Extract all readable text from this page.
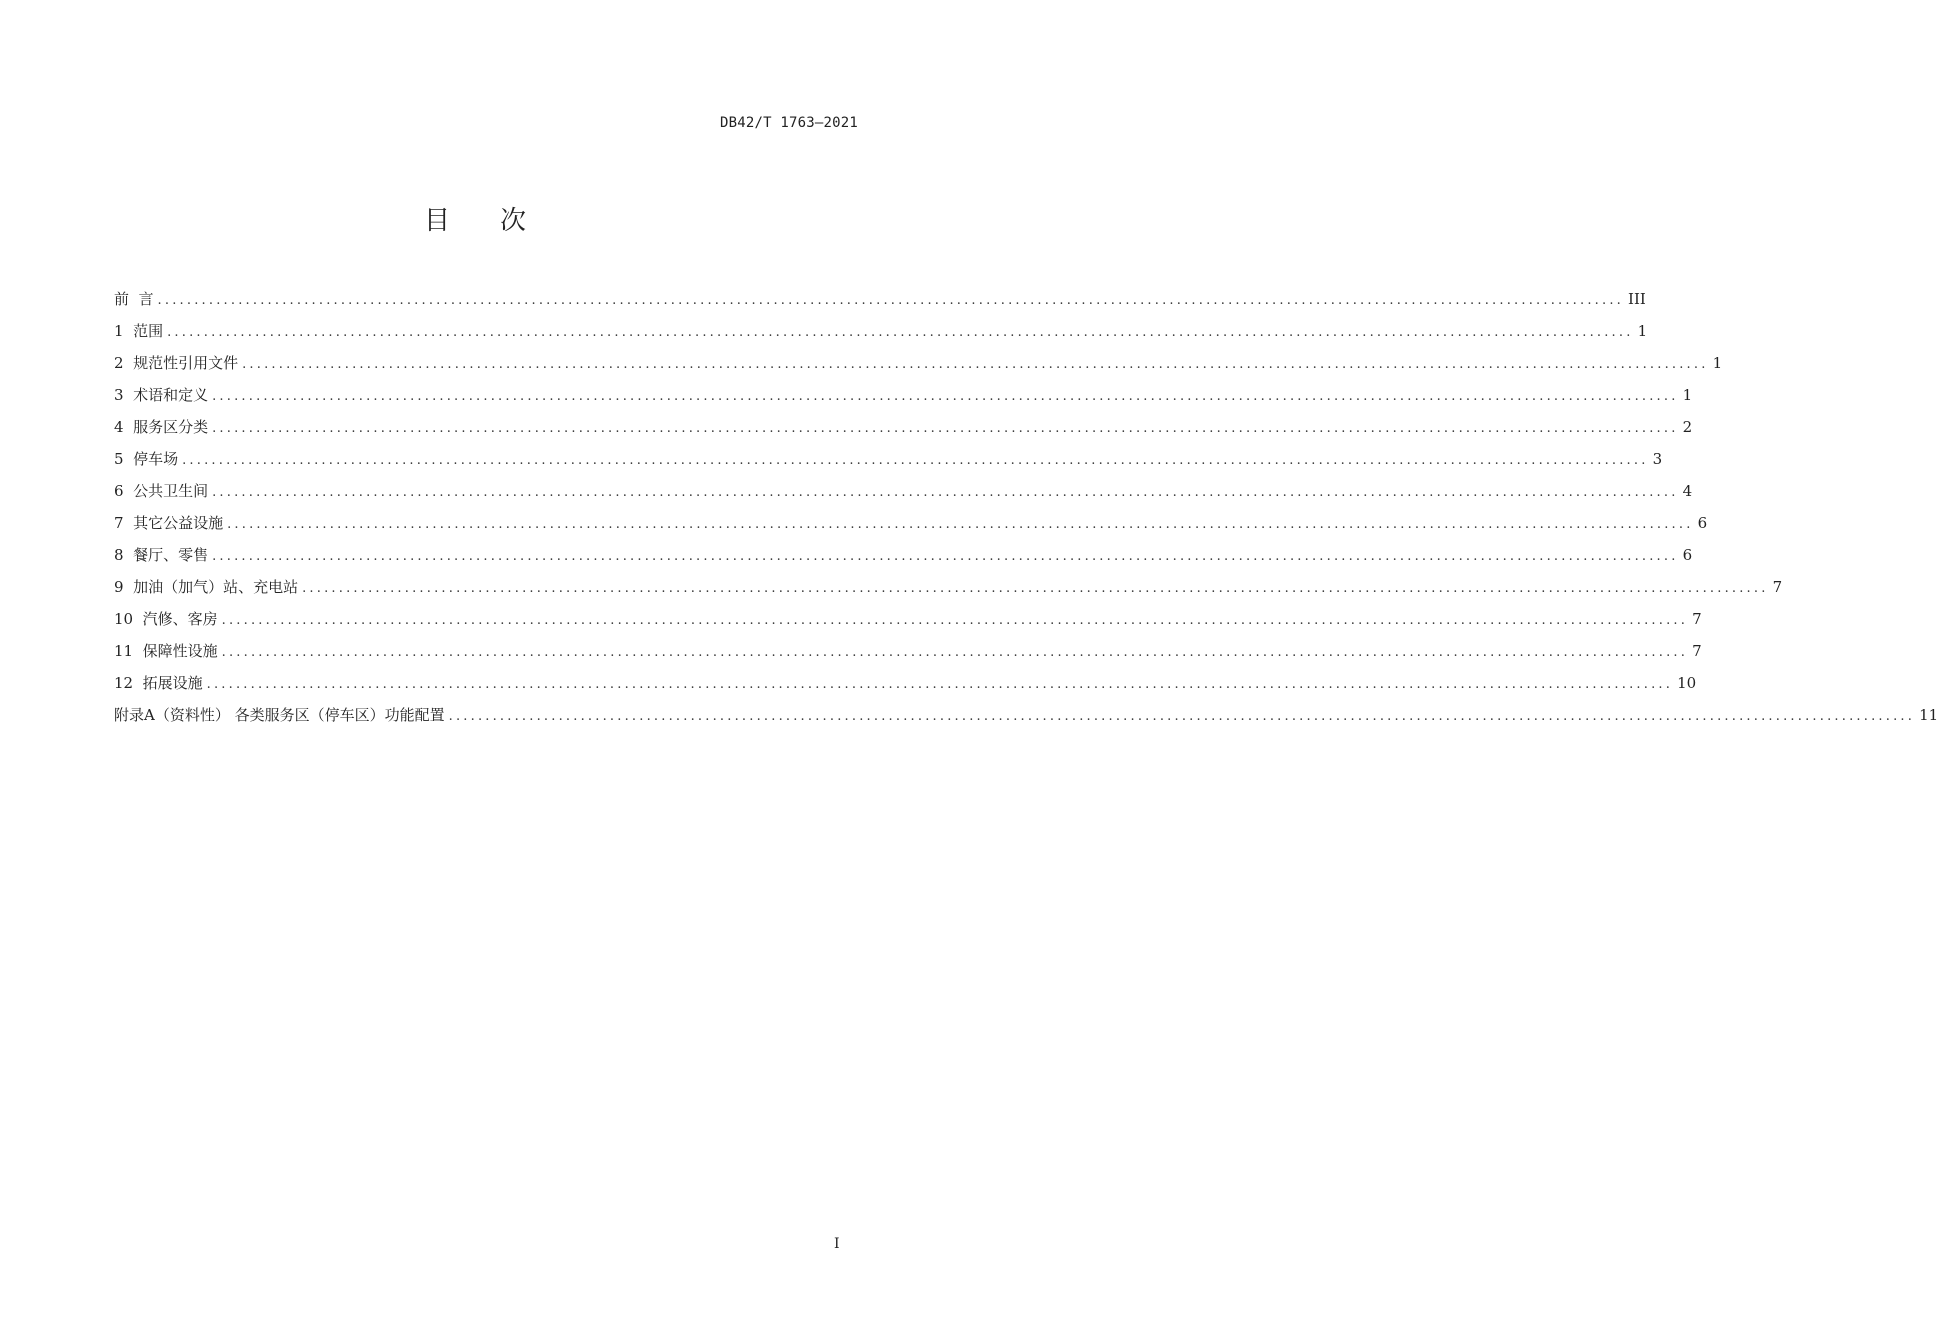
DB42/T 1763—2021
目 次
前  言 ........................................................................................................................................................................................................ III
1  范围 ........................................................................................................................................................................................................ 1
2  规范性引用文件 ........................................................................................................................................................................................................ 1
3  术语和定义 ........................................................................................................................................................................................................ 1
4  服务区分类 ........................................................................................................................................................................................................ 2
5  停车场 ........................................................................................................................................................................................................ 3
6  公共卫生间 ........................................................................................................................................................................................................ 4
7  其它公益设施 ........................................................................................................................................................................................................ 6
8  餐厅、零售 ........................................................................................................................................................................................................ 6
9  加油（加气）站、充电站 ........................................................................................................................................................................................................ 7
10  汽修、客房 ........................................................................................................................................................................................................ 7
11  保障性设施 ........................................................................................................................................................................................................ 7
12  拓展设施 ........................................................................................................................................................................................................ 10
附录A（资料性） 各类服务区（停车区）功能配置 ........................................................................................................................................................................................................ 11
I
